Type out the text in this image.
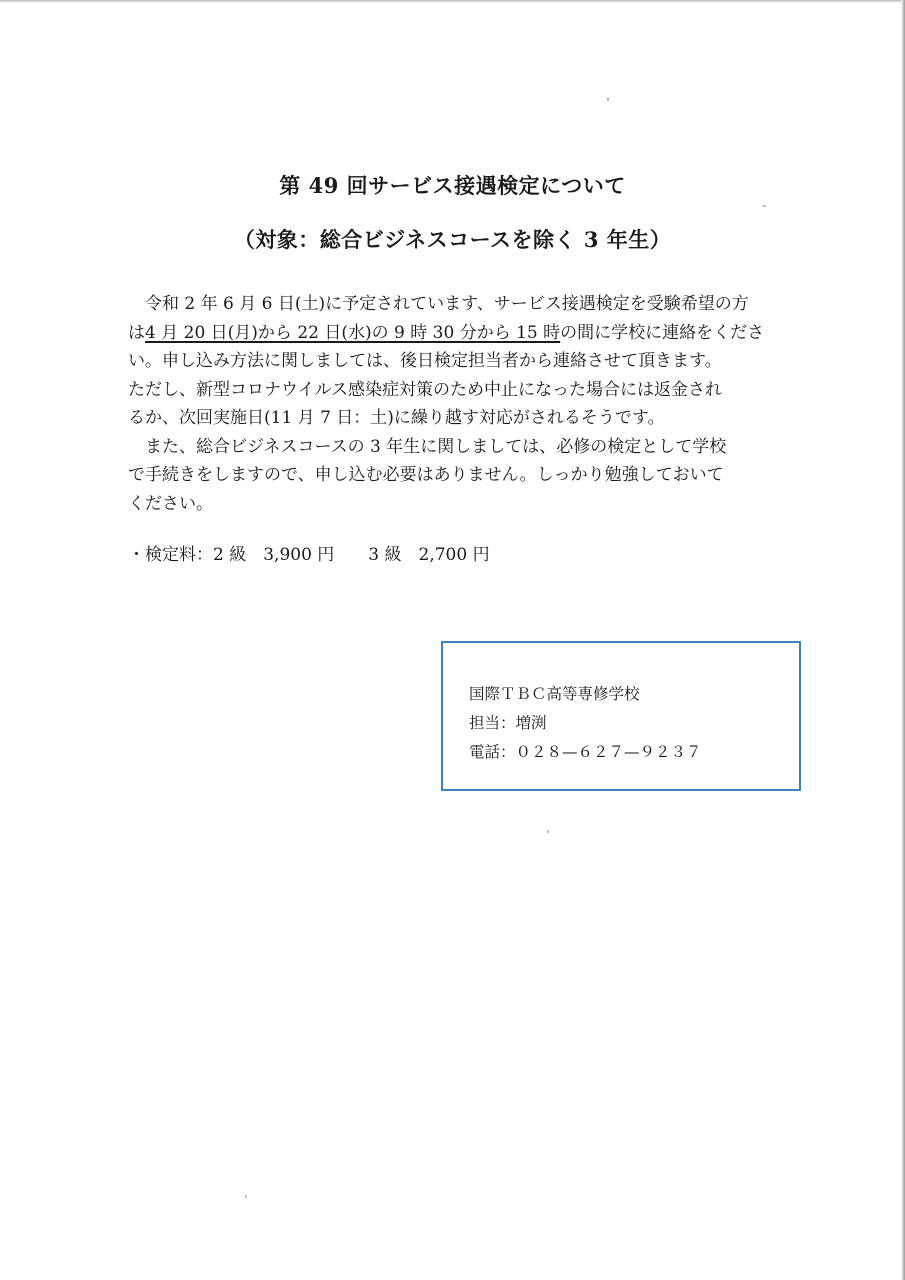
第 49 回サービス接遇検定について
（対象：総合ビジネスコースを除く 3 年生）

令和 2 年 6 月 6 日(土)に予定されています、サービス接遇検定を受験希望の方
は4 月 20 日(月)から 22 日(水)の 9 時 30 分から 15 時の間に学校に連絡をくださ
い。申し込み方法に関しましては、後日検定担当者から連絡させて頂きます。
ただし、新型コロナウイルス感染症対策のため中止になった場合には返金され
るか、次回実施日(11 月 7 日：土)に繰り越す対応がされるそうです。

また、総合ビジネスコースの 3 年生に関しましては、必修の検定として学校
で手続きをしますので、申し込む必要はありません。しっかり勉強しておいて
ください。

・検定料：2 級　3,900 円　　3 級　2,700 円
国際ＴＢＣ高等専修学校
担当：増渕
電話：０２８—６２７—９２３７
